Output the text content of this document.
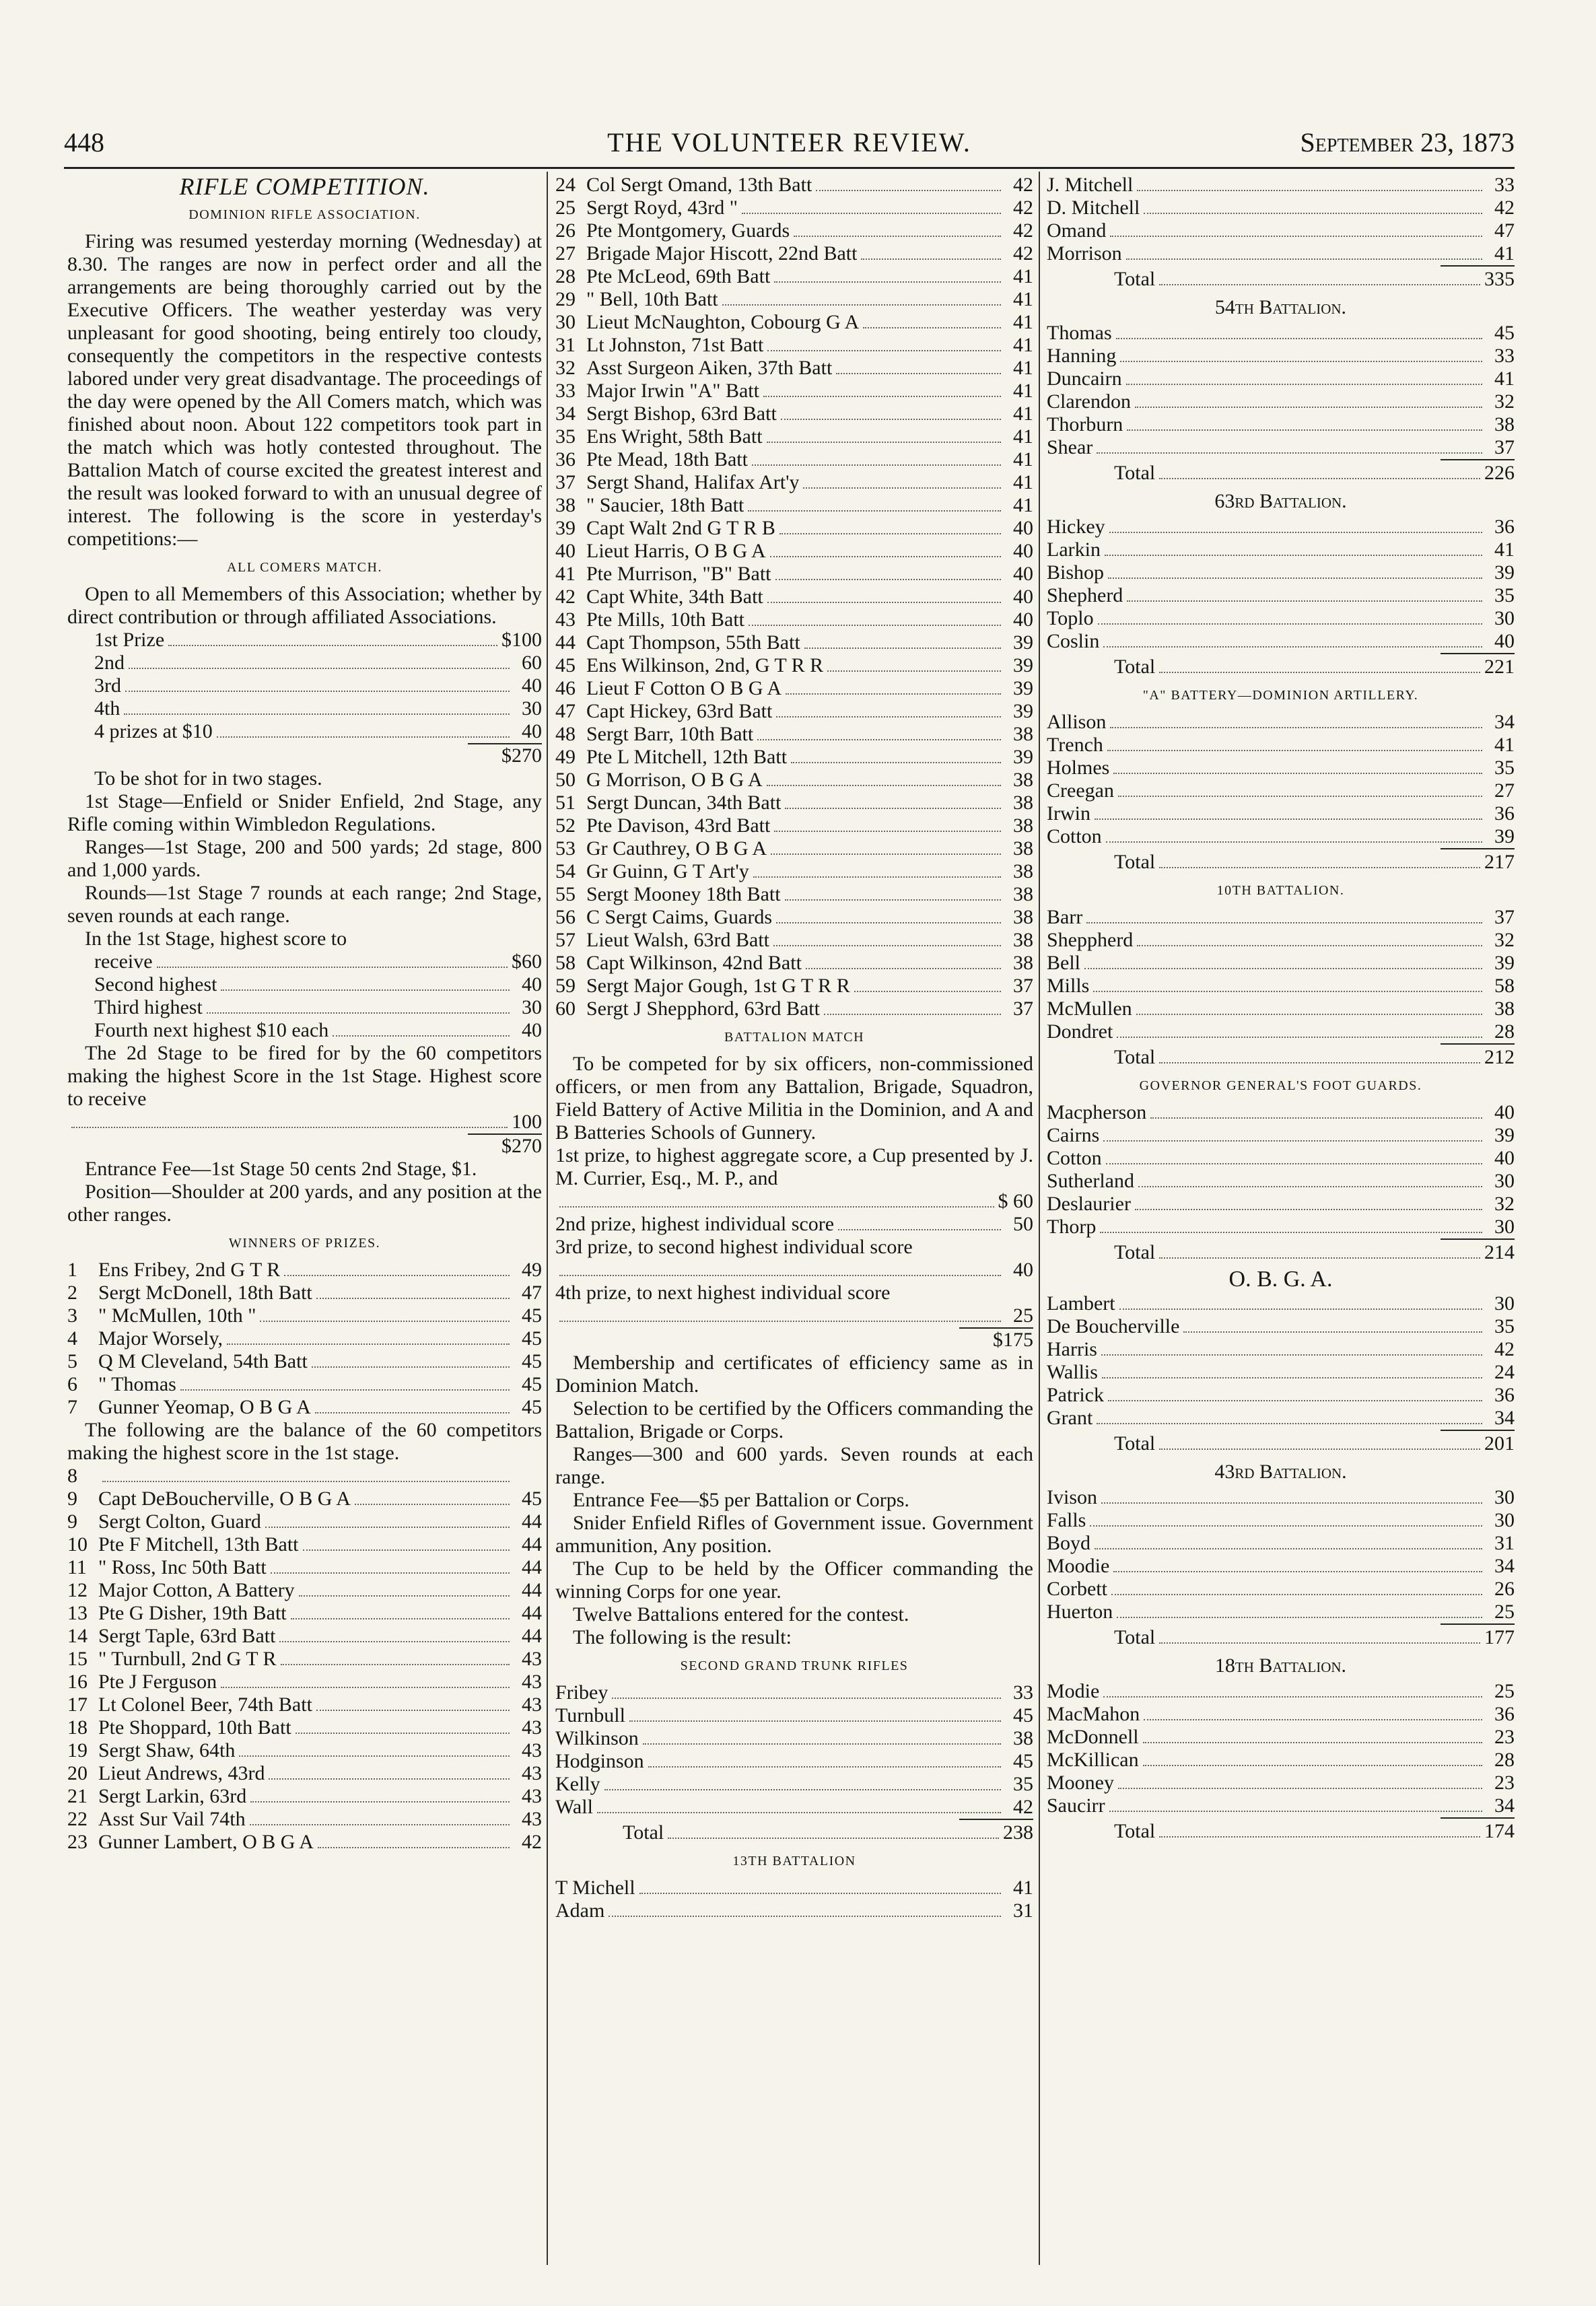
448	THE VOLUNTEER REVIEW.	September 23, 1873
RIFLE COMPETITION.
DOMINION RIFLE ASSOCIATION.

Firing was resumed yesterday morning (Wednesday) at 8.30. The ranges are now in perfect order and all the arrangements are being thoroughly carried out by the Executive Officers. The weather yesterday was very unpleasant for good shooting, being entirely too cloudy, consequently the competitors in the respective contests labored under very great disadvantage. The proceedings of the day were opened by the All Comers match, which was finished about noon. About 122 competitors took part in the match which was hotly contested throughout. The Battalion Match of course excited the greatest interest and the result was looked forward to with an unusual degree of interest. The following is the score in yesterday's competitions:—

ALL COMERS MATCH.

Open to all Memembers of this Association; whether by direct contribution or through affiliated Associations.

1st Prize	$100
2nd	60
3rd	40
4th	30
4 prizes at $10	40
$270

To be shot for in two stages.

1st Stage—Enfield or Snider Enfield, 2nd Stage, any Rifle coming within Wimbledon Regulations.

Ranges—1st Stage, 200 and 500 yards; 2d stage, 800 and 1,000 yards.

Rounds—1st Stage 7 rounds at each range; 2nd Stage, seven rounds at each range.

In the 1st Stage, highest score to

receive	$60
Second highest	40
Third highest	30
Fourth next highest $10 each	40

The 2d Stage to be fired for by the 60 competitors making the highest Score in the 1st Stage. Highest score to receive

100
$270

Entrance Fee—1st Stage 50 cents 2nd Stage, $1.

Position—Shoulder at 200 yards, and any position at the other ranges.

WINNERS OF PRIZES.
1	Ens Fribey, 2nd G T R	49
2	Sergt McDonell, 18th Batt	47
3	" McMullen, 10th "	45
4	Major Worsely,	45
5	Q M Cleveland, 54th Batt	45
6	" Thomas	45
7	Gunner Yeomap, O B G A	45

The following are the balance of the 60 competitors making the highest score in the 1st stage.

8
9	Capt DeBoucherville, O B G A	45
9	Sergt Colton, Guard	44
10 Pte F Mitchell, 13th Batt	44
11 " Ross, Inc 50th Batt	44
12 Major Cotton, A Battery	44
13 Pte G Disher, 19th Batt	44
14 Sergt Taple, 63rd Batt	44
15 " Turnbull, 2nd G T R	43
16 Pte J Ferguson	43
17 Lt Colonel Beer, 74th Batt	43
18 Pte Shoppard, 10th Batt	43
19 Sergt Shaw, 64th	43
20 Lieut Andrews, 43rd	43
21 Sergt Larkin, 63rd	43
22 Asst Sur Vail 74th	43
23 Gunner Lambert, O B G A	42
24 Col Sergt Omand, 13th Batt	42
25 Sergt Royd, 43rd "	42
26 Pte Montgomery, Guards	42
27 Brigade Major Hiscott, 22nd Batt	42
28 Pte McLeod, 69th Batt	41
29 " Bell, 10th Batt	41
30 Lieut McNaughton, Cobourg G A	41
31 Lt Johnston, 71st Batt	41
32 Asst Surgeon Aiken, 37th Batt	41
33 Major Irwin "A" Batt	41
34 Sergt Bishop, 63rd Batt	41
35 Ens Wright, 58th Batt	41
36 Pte Mead, 18th Batt	41
37 Sergt Shand, Halifax Art'y	41
38 " Saucier, 18th Batt	41
39 Capt Walt 2nd G T R B	40
40 Lieut Harris, O B G A	40
41 Pte Murrison, "B" Batt	40
42 Capt White, 34th Batt	40
43 Pte Mills, 10th Batt	40
44 Capt Thompson, 55th Batt	39
45 Ens Wilkinson, 2nd, G T R R	39
46 Lieut F Cotton O B G A	39
47 Capt Hickey, 63rd Batt	39
48 Sergt Barr, 10th Batt	38
49 Pte L Mitchell, 12th Batt	39
50 G Morrison, O B G A	38
51 Sergt Duncan, 34th Batt	38
52 Pte Davison, 43rd Batt	38
53 Gr Cauthrey, O B G A	38
54 Gr Guinn, G T Art'y	38
55 Sergt Mooney 18th Batt	38
56 C Sergt Caims, Guards	38
57 Lieut Walsh, 63rd Batt	38
58 Capt Wilkinson, 42nd Batt	38
59 Sergt Major Gough, 1st G T R R	37
60 Sergt J Shepphord, 63rd Batt	37
BATTALION MATCH

To be competed for by six officers, non-commissioned officers, or men from any Battalion, Brigade, Squadron, Field Battery of Active Militia in the Dominion, and A and B Batteries Schools of Gunnery.

1st prize, to highest aggregate score, a Cup presented by J. M. Currier, Esq., M. P., and

$ 60
2nd prize, highest individual score	50

3rd prize, to second highest individual score

40

4th prize, to next highest individual score

25
$175

Membership and certificates of efficiency same as in Dominion Match.

Selection to be certified by the Officers commanding the Battalion, Brigade or Corps.

Ranges—300 and 600 yards. Seven rounds at each range.

Entrance Fee—$5 per Battalion or Corps.

Snider Enfield Rifles of Government issue. Government ammunition, Any position.

The Cup to be held by the Officer commanding the winning Corps for one year.

Twelve Battalions entered for the contest.

The following is the result:

SECOND GRAND TRUNK RIFLES
Fribey	33
Turnbull	45
Wilkinson	38
Hodginson	45
Kelly	35
Wall	42
Total	238
13TH BATTALION
T Michell	41
Adam	31
J. Mitchell	33
D. Mitchell	42
Omand	47
Morrison	41
Total	335
54th Battalion.
Thomas	45
Hanning	33
Duncairn	41
Clarendon	32
Thorburn	38
Shear	37
Total	226
63rd Battalion.
Hickey	36
Larkin	41
Bishop	39
Shepherd	35
Toplo	30
Coslin	40
Total	221
"A" BATTERY—DOMINION ARTILLERY.
Allison	34
Trench	41
Holmes	35
Creegan	27
Irwin	36
Cotton	39
Total	217
10TH BATTALION.
Barr	37
Sheppherd	32
Bell	39
Mills	58
McMullen	38
Dondret	28
Total	212
GOVERNOR GENERAL'S FOOT GUARDS.
Macpherson	40
Cairns	39
Cotton	40
Sutherland	30
Deslaurier	32
Thorp	30
Total	214
O. B. G. A.
Lambert	30
De Boucherville	35
Harris	42
Wallis	24
Patrick	36
Grant	34
Total	201
43rd Battalion.
Ivison	30
Falls	30
Boyd	31
Moodie	34
Corbett	26
Huerton	25
Total	177
18th Battalion.
Modie	25
MacMahon	36
McDonnell	23
McKillican	28
Mooney	23
Saucirr	34
Total	174
